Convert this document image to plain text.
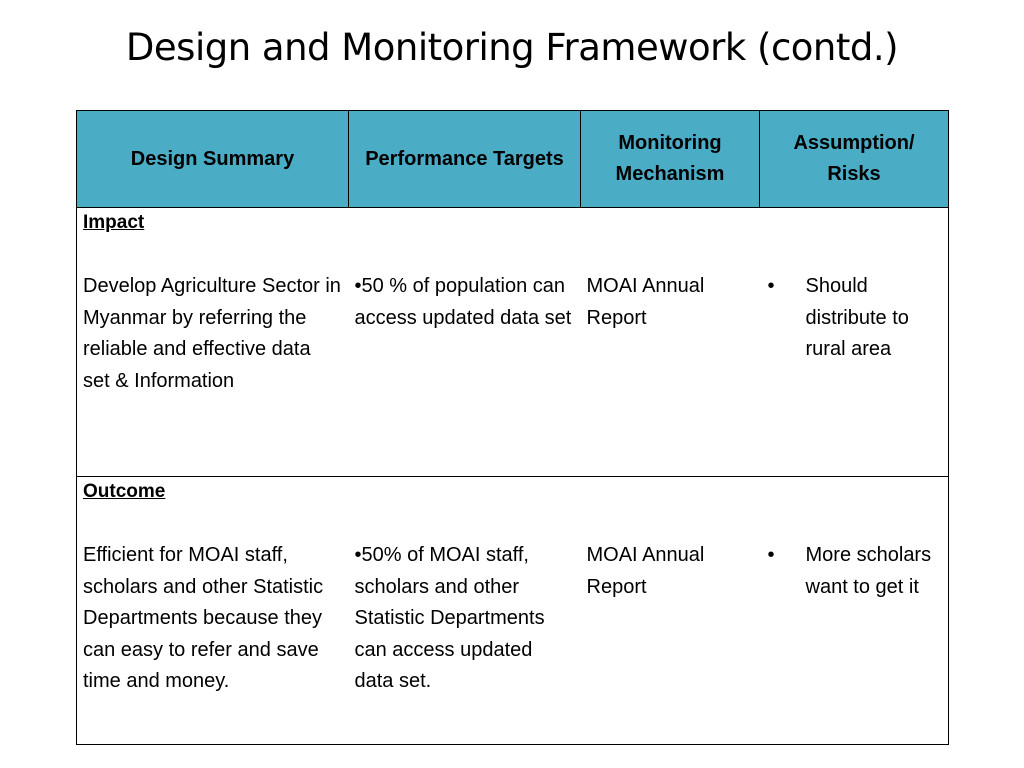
Design and Monitoring Framework (contd.)
Design Summary	Performance Targets	Monitoring Mechanism	Assumption/ Risks

Impact			

Develop Agriculture Sector in Myanmar by referring the reliable and effective data set & Information	•50 % of population can access updated data set	MOAI Annual Report	• Should distribute to rural area

Outcome			

Efficient for MOAI staff, scholars and other Statistic Departments because they can easy to refer and save time and money.	•50% of MOAI staff, scholars and other Statistic Departments can access updated data set.	MOAI Annual Report	• More scholars want to get it
